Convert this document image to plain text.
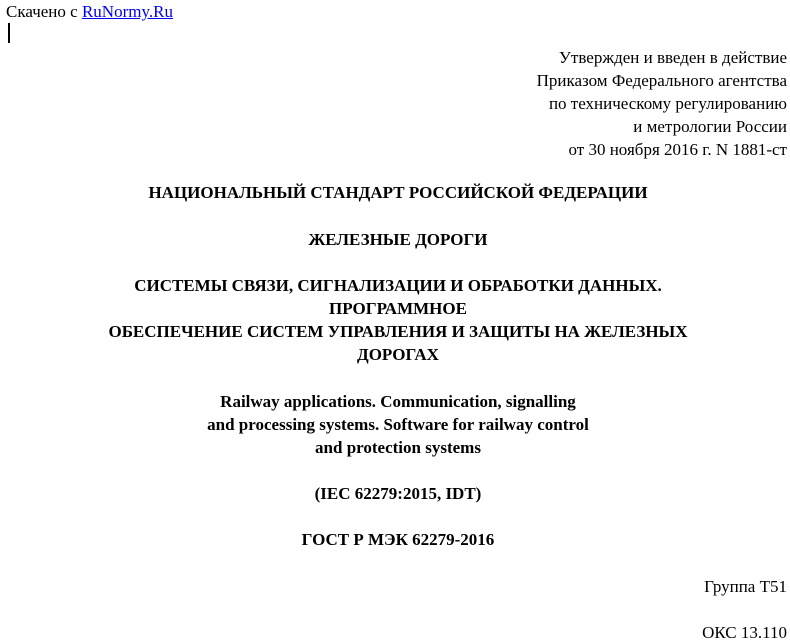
Скачено с RuNormy.Ru
Утвержден и введен в действие
Приказом Федерального агентства
по техническому регулированию
и метрологии России
от 30 ноября 2016 г. N 1881-ст
НАЦИОНАЛЬНЫЙ СТАНДАРТ РОССИЙСКОЙ ФЕДЕРАЦИИ
ЖЕЛЕЗНЫЕ ДОРОГИ
СИСТЕМЫ СВЯЗИ, СИГНАЛИЗАЦИИ И ОБРАБОТКИ ДАННЫХ.
ПРОГРАММНОЕ
ОБЕСПЕЧЕНИЕ СИСТЕМ УПРАВЛЕНИЯ И ЗАЩИТЫ НА ЖЕЛЕЗНЫХ
ДОРОГАХ
Railway applications. Communication, signalling
and processing systems. Software for railway control
and protection systems
(IEC 62279:2015, IDT)
ГОСТ Р МЭК 62279-2016
Группа T51
ОКС 13.110
